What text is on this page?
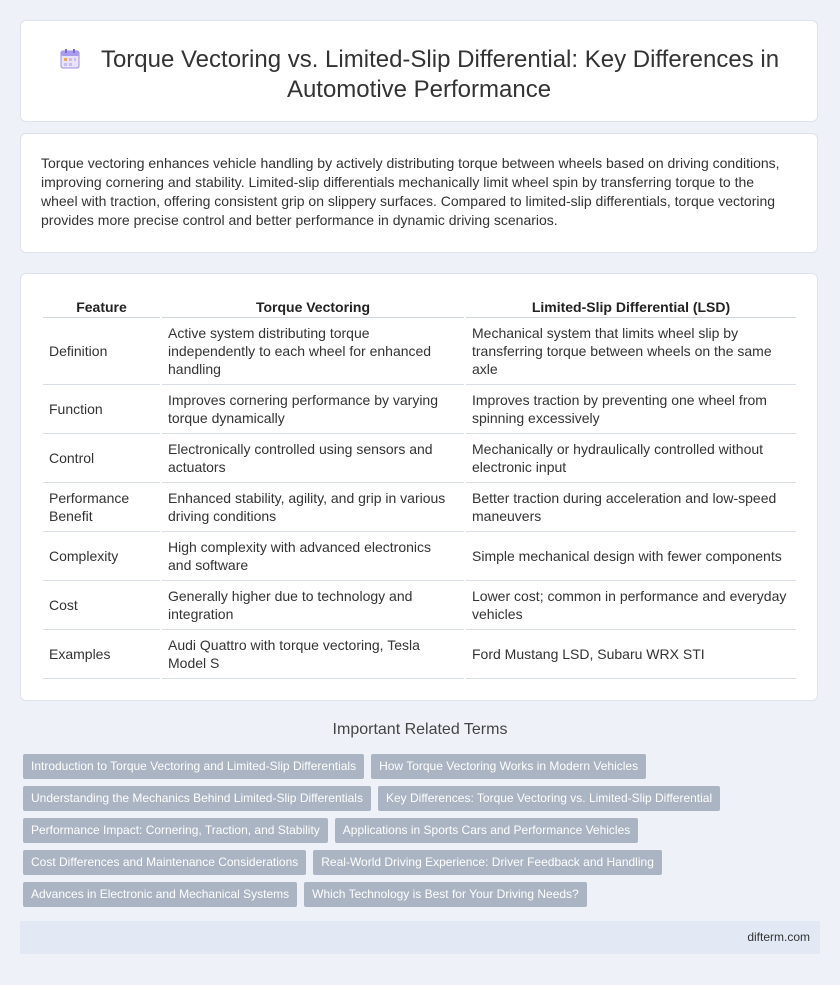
Torque Vectoring vs. Limited-Slip Differential: Key Differences in Automotive Performance
Torque vectoring enhances vehicle handling by actively distributing torque between wheels based on driving conditions, improving cornering and stability. Limited-slip differentials mechanically limit wheel spin by transferring torque to the wheel with traction, offering consistent grip on slippery surfaces. Compared to limited-slip differentials, torque vectoring provides more precise control and better performance in dynamic driving scenarios.
Feature	Torque Vectoring	Limited-Slip Differential (LSD)
Definition	Active system distributing torque independently to each wheel for enhanced handling	Mechanical system that limits wheel slip by transferring torque between wheels on the same axle
Function	Improves cornering performance by varying torque dynamically	Improves traction by preventing one wheel from spinning excessively
Control	Electronically controlled using sensors and actuators	Mechanically or hydraulically controlled without electronic input
Performance Benefit	Enhanced stability, agility, and grip in various driving conditions	Better traction during acceleration and low-speed maneuvers
Complexity	High complexity with advanced electronics and software	Simple mechanical design with fewer components
Cost	Generally higher due to technology and integration	Lower cost; common in performance and everyday vehicles
Examples	Audi Quattro with torque vectoring, Tesla Model S	Ford Mustang LSD, Subaru WRX STI
Important Related Terms
Introduction to Torque Vectoring and Limited-Slip Differentials How Torque Vectoring Works in Modern Vehicles
Understanding the Mechanics Behind Limited-Slip Differentials Key Differences: Torque Vectoring vs. Limited-Slip Differential
Performance Impact: Cornering, Traction, and Stability Applications in Sports Cars and Performance Vehicles
Cost Differences and Maintenance Considerations Real-World Driving Experience: Driver Feedback and Handling
Advances in Electronic and Mechanical Systems Which Technology is Best for Your Driving Needs?
difterm.com
